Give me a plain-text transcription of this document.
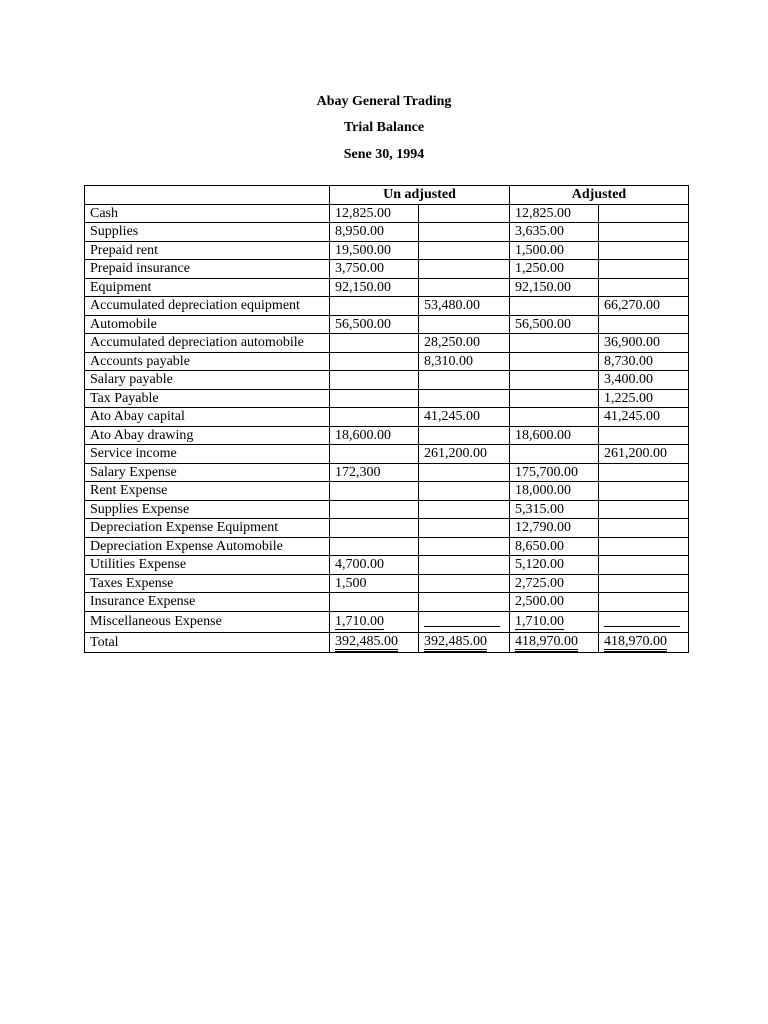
Abay General Trading
Trial Balance
Sene 30, 1994
	Un adjusted		Adjusted	
Cash	12,825.00		12,825.00	
Supplies	8,950.00		3,635.00	
Prepaid rent	19,500.00		1,500.00	
Prepaid insurance	3,750.00		1,250.00	
Equipment	92,150.00		92,150.00	
Accumulated depreciation equipment		53,480.00		66,270.00
Automobile	56,500.00		56,500.00	
Accumulated depreciation automobile		28,250.00		36,900.00
Accounts payable		8,310.00		8,730.00
Salary payable				3,400.00
Tax Payable				1,225.00
Ato Abay capital		41,245.00		41,245.00
Ato Abay drawing	18,600.00		18,600.00	
Service income		261,200.00		261,200.00
Salary Expense	172,300		175,700.00	
Rent Expense			18,000.00	
Supplies Expense			5,315.00	
Depreciation Expense Equipment			12,790.00	
Depreciation Expense Automobile			8,650.00	
Utilities Expense	4,700.00		5,120.00	
Taxes Expense	1,500		2,725.00	
Insurance Expense			2,500.00	
Miscellaneous Expense	1,710.00		1,710.00	
Total	392,485.00	392,485.00	418,970.00	418,970.00
